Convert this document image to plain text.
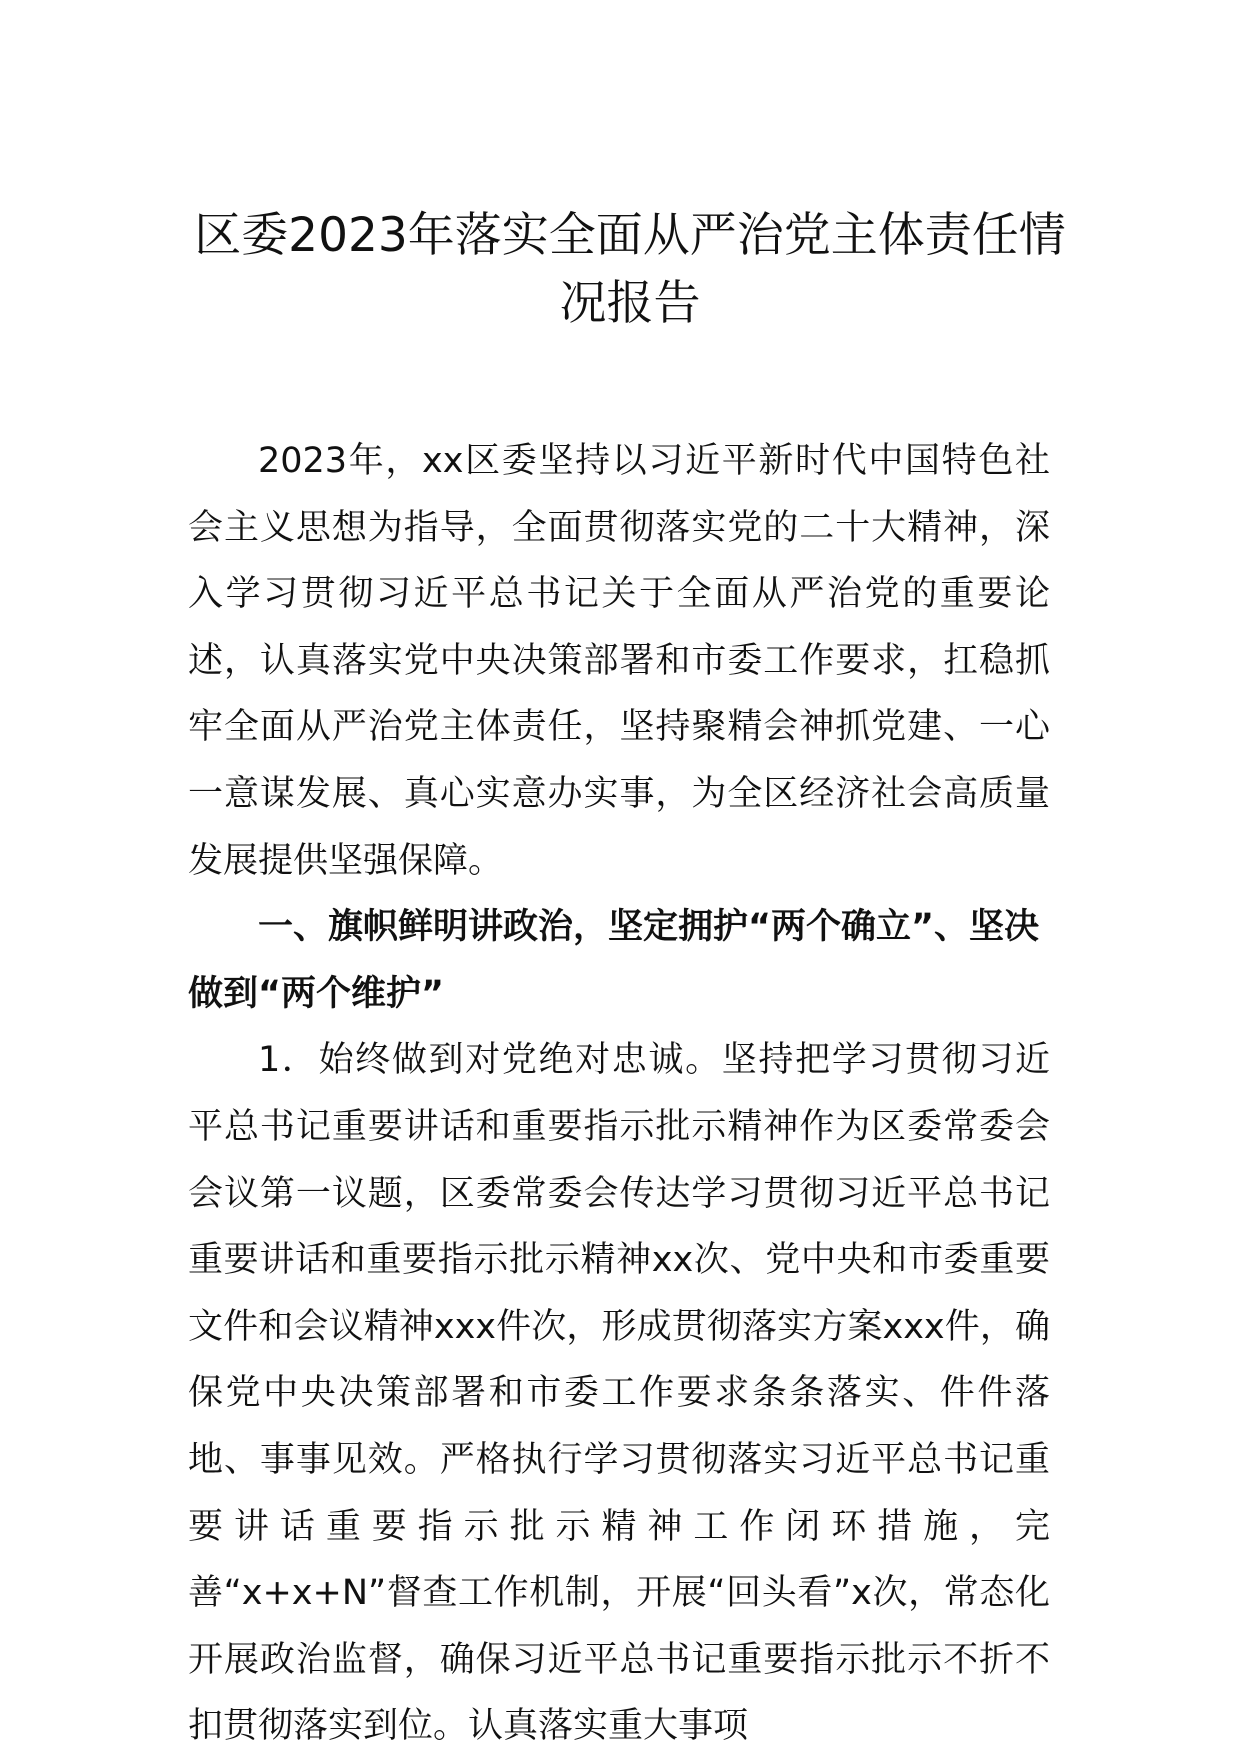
区委2023年落实全面从严治党主体责任情况报告

2023年，xx区委坚持以习近平新时代中国特色社会主义思想为指导，全面贯彻落实党的二十大精神，深入学习贯彻习近平总书记关于全面从严治党的重要论述，认真落实党中央决策部署和市委工作要求，扛稳抓牢全面从严治党主体责任，坚持聚精会神抓党建、一心一意谋发展、真心实意办实事，为全区经济社会高质量发展提供坚强保障。

一、旗帜鲜明讲政治，坚定拥护“两个确立”、坚决做到“两个维护”

1．始终做到对党绝对忠诚。坚持把学习贯彻习近平总书记重要讲话和重要指示批示精神作为区委常委会会议第一议题，区委常委会传达学习贯彻习近平总书记重要讲话和重要指示批示精神xx次、党中央和市委重要文件和会议精神xxx件次，形成贯彻落实方案xxx件，确保党中央决策部署和市委工作要求条条落实、件件落地、事事见效。严格执行学习贯彻落实习近平总书记重要讲话重要指示批示精神工作闭环措施，完善“x+x+N”督查工作机制，开展“回头看”x次，常态化开展政治监督，确保习近平总书记重要指示批示不折不扣贯彻落实到位。认真落实重大事项
